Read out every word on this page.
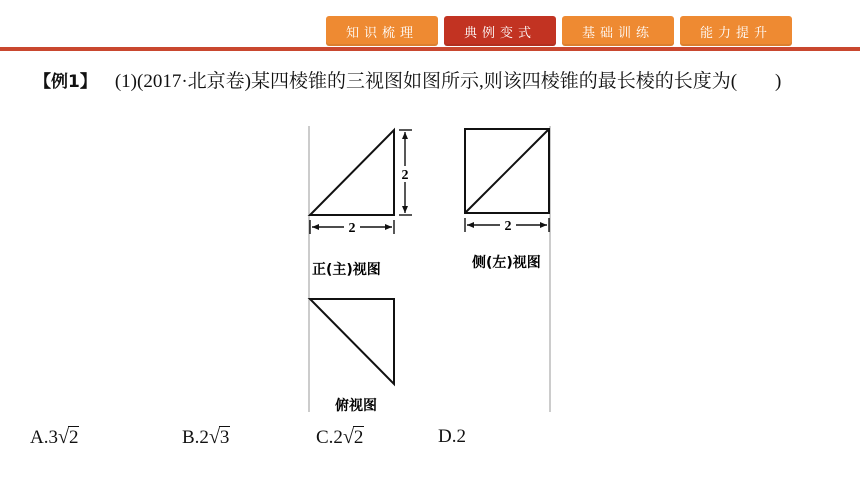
知识梳理	典例变式	基础训练	能力提升
【例1】 (1)(2017·北京卷)某四棱锥的三视图如图所示,则该四棱锥的最长棱的长度为(　　)
2
2	2
正(主)视图	侧(左)视图
俯视图
A.3√2	B.2√3	C.2√2	D.2
